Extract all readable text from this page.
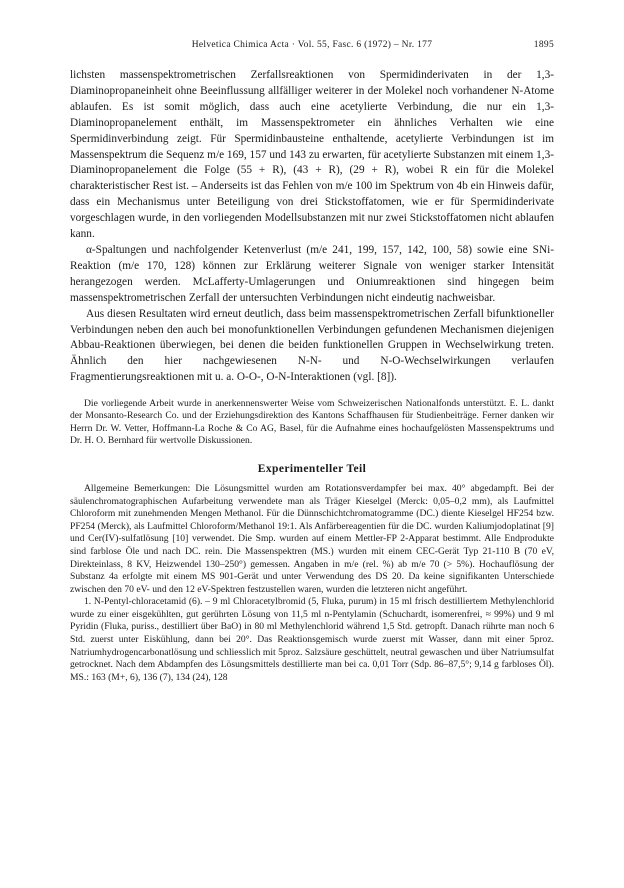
Helvetica Chimica Acta · Vol. 55, Fasc. 6 (1972) – Nr. 177	1895

lichsten massenspektrometrischen Zerfallsreaktionen von Spermidinderivaten in der 1,3-Diaminopropaneinheit ohne Beeinflussung allfälliger weiterer in der Molekel noch vorhandener N-Atome ablaufen. Es ist somit möglich, dass auch eine acetylierte Verbindung, die nur ein 1,3-Diaminopropanelement enthält, im Massenspektrometer ein ähnliches Verhalten wie eine Spermidinverbindung zeigt. Für Spermidinbausteine enthaltende, acetylierte Verbindungen ist im Massenspektrum die Sequenz m/e 169, 157 und 143 zu erwarten, für acetylierte Substanzen mit einem 1,3-Diaminopropanelement die Folge (55 + R), (43 + R), (29 + R), wobei R ein für die Molekel charakteristischer Rest ist. – Anderseits ist das Fehlen von m/e 100 im Spektrum von 4b ein Hinweis dafür, dass ein Mechanismus unter Beteiligung von drei Stickstoffatomen, wie er für Spermidinderivate vorgeschlagen wurde, in den vorliegenden Modellsubstanzen mit nur zwei Stickstoffatomen nicht ablaufen kann.

α-Spaltungen und nachfolgender Ketenverlust (m/e 241, 199, 157, 142, 100, 58) sowie eine SNi-Reaktion (m/e 170, 128) können zur Erklärung weiterer Signale von weniger starker Intensität herangezogen werden. McLafferty-Umlagerungen und Oniumreaktionen sind hingegen beim massenspektrometrischen Zerfall der untersuchten Verbindungen nicht eindeutig nachweisbar.

Aus diesen Resultaten wird erneut deutlich, dass beim massenspektrometrischen Zerfall bifunktioneller Verbindungen neben den auch bei monofunktionellen Verbindungen gefundenen Mechanismen diejenigen Abbau-Reaktionen überwiegen, bei denen die beiden funktionellen Gruppen in Wechselwirkung treten. Ähnlich den hier nachgewiesenen N-N- und N-O-Wechselwirkungen verlaufen Fragmentierungsreaktionen mit u. a. O-O-, O-N-Interaktionen (vgl. [8]).

Die vorliegende Arbeit wurde in anerkennenswerter Weise vom Schweizerischen Nationalfonds unterstützt. E. L. dankt der Monsanto-Research Co. und der Erziehungsdirektion des Kantons Schaffhausen für Studienbeiträge. Ferner danken wir Herrn Dr. W. Vetter, Hoffmann-La Roche & Co AG, Basel, für die Aufnahme eines hochaufgelösten Massenspektrums und Dr. H. O. Bernhard für wertvolle Diskussionen.
Experimenteller Teil

Allgemeine Bemerkungen: Die Lösungsmittel wurden am Rotationsverdampfer bei max. 40° abgedampft. Bei der säulenchromatographischen Aufarbeitung verwendete man als Träger Kieselgel (Merck: 0,05–0,2 mm), als Laufmittel Chloroform mit zunehmenden Mengen Methanol. Für die Dünnschichtchromatogramme (DC.) diente Kieselgel HF254 bzw. PF254 (Merck), als Laufmittel Chloroform/Methanol 19:1. Als Anfärbereagentien für die DC. wurden Kaliumjodoplatinat [9] und Cer(IV)-sulfatlösung [10] verwendet. Die Smp. wurden auf einem Mettler-FP 2-Apparat bestimmt. Alle Endprodukte sind farblose Öle und nach DC. rein. Die Massenspektren (MS.) wurden mit einem CEC-Gerät Typ 21-110 B (70 eV, Direkteinlass, 8 KV, Heizwendel 130–250°) gemessen. Angaben in m/e (rel. %) ab m/e 70 (> 5%). Hochauflösung der Substanz 4a erfolgte mit einem MS 901-Gerät und unter Verwendung des DS 20. Da keine signifikanten Unterschiede zwischen den 70 eV- und den 12 eV-Spektren festzustellen waren, wurden die letzteren nicht angeführt.

1. N-Pentyl-chloracetamid (6). – 9 ml Chloracetylbromid (5, Fluka, purum) in 15 ml frisch destilliertem Methylenchlorid wurde zu einer eisgekühlten, gut gerührten Lösung von 11,5 ml n-Pentylamin (Schuchardt, isomerenfrei, ≈ 99%) und 9 ml Pyridin (Fluka, puriss., destilliert über BaO) in 80 ml Methylenchlorid während 1,5 Std. getropft. Danach rührte man noch 6 Std. zuerst unter Eiskühlung, dann bei 20°. Das Reaktionsgemisch wurde zuerst mit Wasser, dann mit einer 5proz. Natriumhydrogencarbonatlösung und schliesslich mit 5proz. Salzsäure geschüttelt, neutral gewaschen und über Natriumsulfat getrocknet. Nach dem Abdampfen des Lösungsmittels destillierte man bei ca. 0,01 Torr (Sdp. 86–87,5°; 9,14 g farbloses Öl). MS.: 163 (M+, 6), 136 (7), 134 (24), 128
